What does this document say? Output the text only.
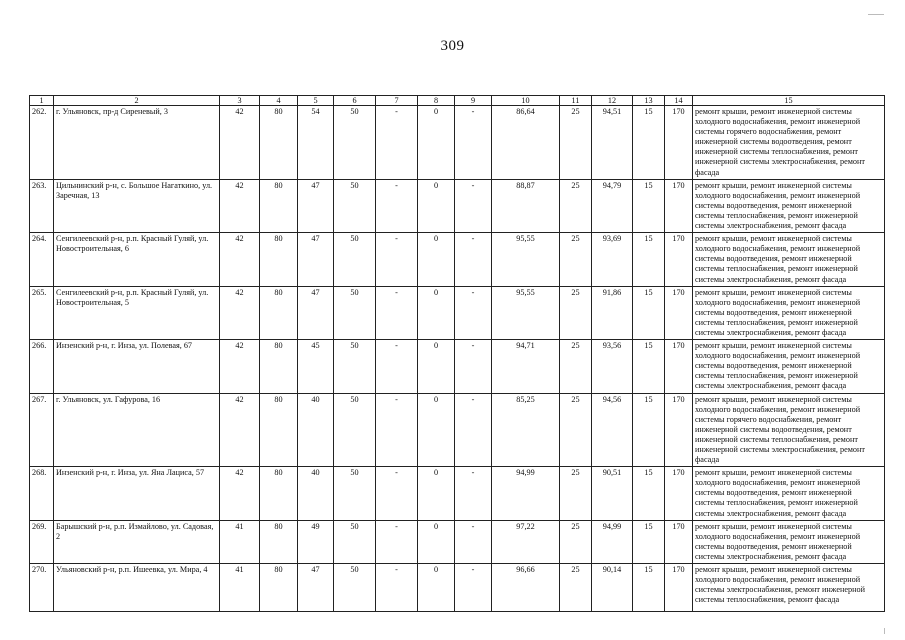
309
1	2	3	4	5	6	7	8	9	10	11	12	13	14	15
262.	г. Ульяновск, пр-д Сиреневый, 3	42	80	54	50	-	0	-	86,64	25	94,51	15	170	ремонт крыши, ремонт инженерной системы холодного водоснабжения, ремонт инженерной системы горячего водоснабжения, ремонт инженерной системы водоотведения, ремонт инженерной системы теплоснабжения, ремонт инженерной системы электроснабжения, ремонт фасада
263.	Цильнинский р-н, с. Большое Нагаткино, ул. Заречная, 13	42	80	47	50	-	0	-	88,87	25	94,79	15	170	ремонт крыши, ремонт инженерной системы холодного водоснабжения, ремонт инженерной системы водоотведения, ремонт инженерной системы теплоснабжения, ремонт инженерной системы электроснабжения, ремонт фасада
264.	Сенгилеевский р-н, р.п. Красный Гуляй, ул. Новостроительная, 6	42	80	47	50	-	0	-	95,55	25	93,69	15	170	ремонт крыши, ремонт инженерной системы холодного водоснабжения, ремонт инженерной системы водоотведения, ремонт инженерной системы теплоснабжения, ремонт инженерной системы электроснабжения, ремонт фасада
265.	Сенгилеевский р-н, р.п. Красный Гуляй, ул. Новостроительная, 5	42	80	47	50	-	0	-	95,55	25	91,86	15	170	ремонт крыши, ремонт инженерной системы холодного водоснабжения, ремонт инженерной системы водоотведения, ремонт инженерной системы теплоснабжения, ремонт инженерной системы электроснабжения, ремонт фасада
266.	Инзенский р-н, г. Инза, ул. Полевая, 67	42	80	45	50	-	0	-	94,71	25	93,56	15	170	ремонт крыши, ремонт инженерной системы холодного водоснабжения, ремонт инженерной системы водоотведения, ремонт инженерной системы теплоснабжения, ремонт инженерной системы электроснабжения, ремонт фасада
267.	г. Ульяновск, ул. Гафурова, 16	42	80	40	50	-	0	-	85,25	25	94,56	15	170	ремонт крыши, ремонт инженерной системы холодного водоснабжения, ремонт инженерной системы горячего водоснабжения, ремонт инженерной системы водоотведения, ремонт инженерной системы теплоснабжения, ремонт инженерной системы электроснабжения, ремонт фасада
268.	Инзенский р-н, г. Инза, ул. Яна Лациса, 57	42	80	40	50	-	0	-	94,99	25	90,51	15	170	ремонт крыши, ремонт инженерной системы холодного водоснабжения, ремонт инженерной системы водоотведения, ремонт инженерной системы теплоснабжения, ремонт инженерной системы электроснабжения, ремонт фасада
269.	Барышский р-н, р.п. Измайлово, ул. Садовая, 2	41	80	49	50	-	0	-	97,22	25	94,99	15	170	ремонт крыши, ремонт инженерной системы холодного водоснабжения, ремонт инженерной системы водоотведения, ремонт инженерной системы электроснабжения, ремонт фасада
270.	Ульяновский р-н, р.п. Ишеевка, ул. Мира, 4	41	80	47	50	-	0	-	96,66	25	90,14	15	170	ремонт крыши, ремонт инженерной системы холодного водоснабжения, ремонт инженерной системы электроснабжения, ремонт инженерной системы теплоснабжения, ремонт фасада
